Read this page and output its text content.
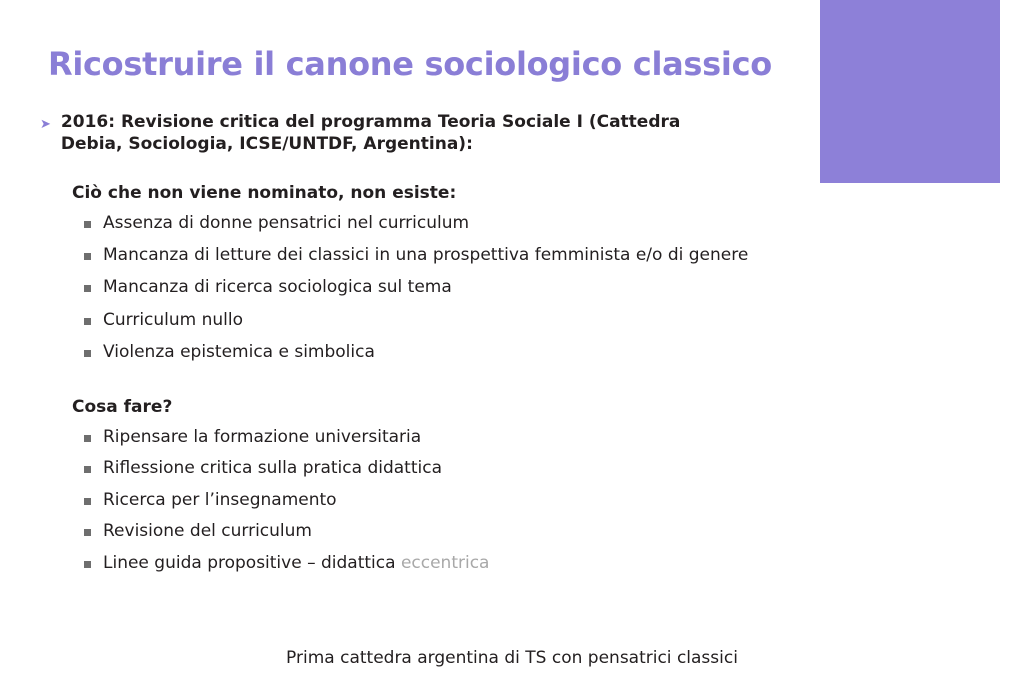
Ricostruire il canone sociologico classico
➤ 2016: Revisione critica del programma Teoria Sociale I (Cattedra Debia, Sociologia, ICSE/UNTDF, Argentina):
Ciò che non viene nominato, non esiste:
Assenza di donne pensatrici nel curriculum
Mancanza di letture dei classici in una prospettiva femminista e/o di genere
Mancanza di ricerca sociologica sul tema
Curriculum nullo
Violenza epistemica e simbolica
Cosa fare?
Ripensare la formazione universitaria
Riflessione critica sulla pratica didattica
Ricerca per l’insegnamento
Revisione del curriculum
Linee guida propositive – didattica eccentrica
Prima cattedra argentina di TS con pensatrici classici
